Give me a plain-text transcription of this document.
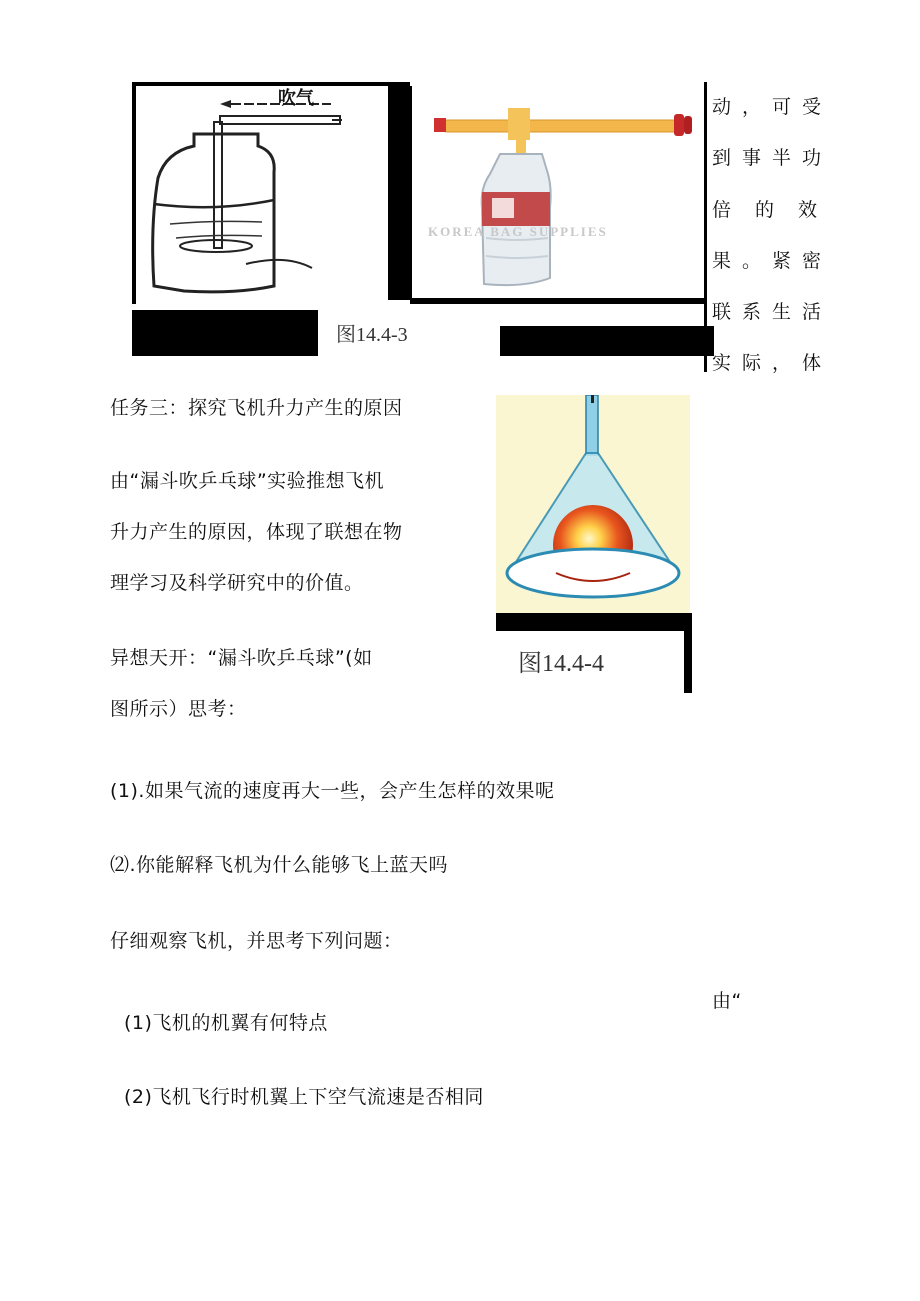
吹气
KOREA BAG SUPPLIES
图14.4-3
动，可受
到事半功
倍的效
果。紧密
联系生活
实际，体
任务三：探究飞机升力产生的原因
由“漏斗吹乒乓球”实验推想飞机
升力产生的原因，体现了联想在物
理学习及科学研究中的价值。
异想天开：“漏斗吹乒乓球”(如
图所示）思考：
图14.4-4
(1).如果气流的速度再大一些，会产生怎样的效果呢
⑵.你能解释飞机为什么能够飞上蓝天吗
仔细观察飞机，并思考下列问题：
由“
(1)飞机的机翼有何特点
(2)飞机飞行时机翼上下空气流速是否相同
